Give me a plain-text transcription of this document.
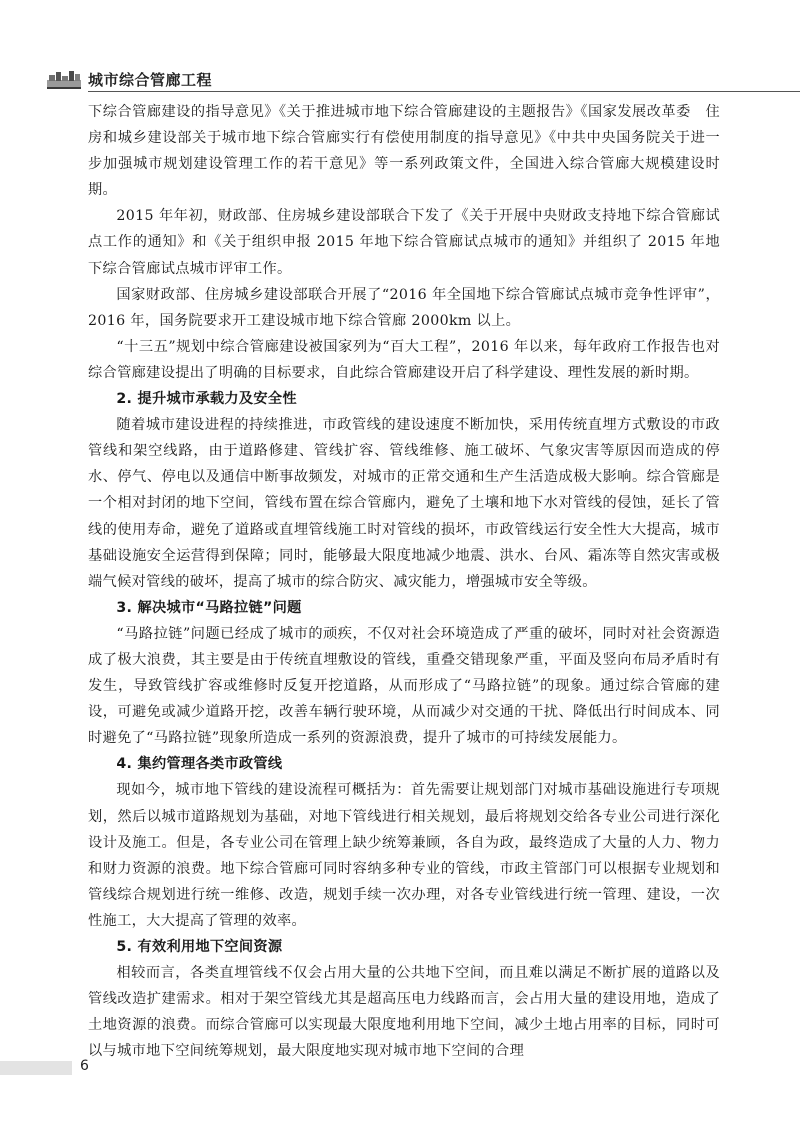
城市综合管廊工程

下综合管廊建设的指导意见》《关于推进城市地下综合管廊建设的主题报告》《国家发展改革委　住房和城乡建设部关于城市地下综合管廊实行有偿使用制度的指导意见》《中共中央国务院关于进一步加强城市规划建设管理工作的若干意见》等一系列政策文件，全国进入综合管廊大规模建设时期。

2015 年年初，财政部、住房城乡建设部联合下发了《关于开展中央财政支持地下综合管廊试点工作的通知》和《关于组织申报 2015 年地下综合管廊试点城市的通知》并组织了 2015 年地下综合管廊试点城市评审工作。

国家财政部、住房城乡建设部联合开展了“2016 年全国地下综合管廊试点城市竞争性评审”，2016 年，国务院要求开工建设城市地下综合管廊 2000km 以上。

“十三五”规划中综合管廊建设被国家列为“百大工程”，2016 年以来，每年政府工作报告也对综合管廊建设提出了明确的目标要求，自此综合管廊建设开启了科学建设、理性发展的新时期。

2. 提升城市承载力及安全性

随着城市建设进程的持续推进，市政管线的建设速度不断加快，采用传统直埋方式敷设的市政管线和架空线路，由于道路修建、管线扩容、管线维修、施工破坏、气象灾害等原因而造成的停水、停气、停电以及通信中断事故频发，对城市的正常交通和生产生活造成极大影响。综合管廊是一个相对封闭的地下空间，管线布置在综合管廊内，避免了土壤和地下水对管线的侵蚀，延长了管线的使用寿命，避免了道路或直埋管线施工时对管线的损坏，市政管线运行安全性大大提高，城市基础设施安全运营得到保障；同时，能够最大限度地减少地震、洪水、台风、霜冻等自然灾害或极端气候对管线的破坏，提高了城市的综合防灾、减灾能力，增强城市安全等级。

3. 解决城市“马路拉链”问题

“马路拉链”问题已经成了城市的顽疾，不仅对社会环境造成了严重的破坏，同时对社会资源造成了极大浪费，其主要是由于传统直埋敷设的管线，重叠交错现象严重，平面及竖向布局矛盾时有发生，导致管线扩容或维修时反复开挖道路，从而形成了“马路拉链”的现象。通过综合管廊的建设，可避免或减少道路开挖，改善车辆行驶环境，从而减少对交通的干扰、降低出行时间成本、同时避免了“马路拉链”现象所造成一系列的资源浪费，提升了城市的可持续发展能力。

4. 集约管理各类市政管线

现如今，城市地下管线的建设流程可概括为：首先需要让规划部门对城市基础设施进行专项规划，然后以城市道路规划为基础，对地下管线进行相关规划，最后将规划交给各专业公司进行深化设计及施工。但是，各专业公司在管理上缺少统筹兼顾，各自为政，最终造成了大量的人力、物力和财力资源的浪费。地下综合管廊可同时容纳多种专业的管线，市政主管部门可以根据专业规划和管线综合规划进行统一维修、改造，规划手续一次办理，对各专业管线进行统一管理、建设，一次性施工，大大提高了管理的效率。

5. 有效利用地下空间资源

相较而言，各类直埋管线不仅会占用大量的公共地下空间，而且难以满足不断扩展的道路以及管线改造扩建需求。相对于架空管线尤其是超高压电力线路而言，会占用大量的建设用地，造成了土地资源的浪费。而综合管廊可以实现最大限度地利用地下空间，减少土地占用率的目标，同时可以与城市地下空间统筹规划，最大限度地实现对城市地下空间的合理

6
